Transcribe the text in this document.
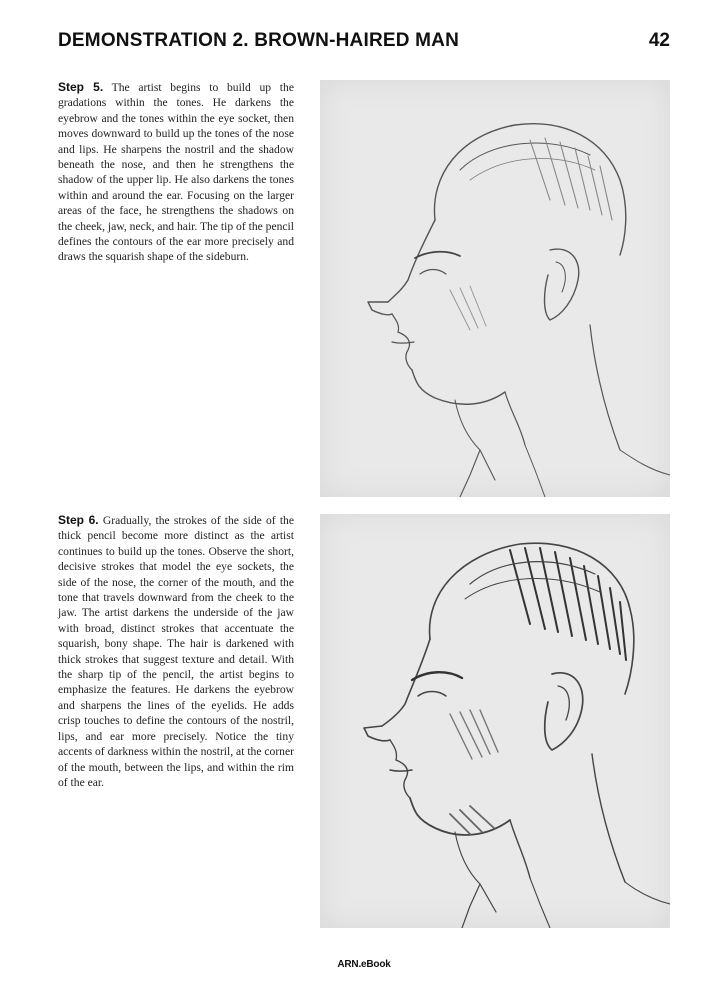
DEMONSTRATION 2. BROWN-HAIRED MAN	42
Step 5. The artist begins to build up the gradations within the tones. He darkens the eyebrow and the tones within the eye socket, then moves downward to build up the tones of the nose and lips. He sharpens the nostril and the shadow beneath the nose, and then he strengthens the shadow of the upper lip. He also darkens the tones within and around the ear. Focusing on the larger areas of the face, he strengthens the shadows on the cheek, jaw, neck, and hair. The tip of the pencil defines the contours of the ear more precisely and draws the squarish shape of the sideburn.
Step 6. Gradually, the strokes of the side of the thick pencil become more distinct as the artist continues to build up the tones. Observe the short, decisive strokes that model the eye sockets, the side of the nose, the corner of the mouth, and the tone that travels downward from the cheek to the jaw. The artist darkens the underside of the jaw with broad, distinct strokes that accentuate the squarish, bony shape. The hair is darkened with thick strokes that suggest texture and detail. With the sharp tip of the pencil, the artist begins to emphasize the features. He darkens the eyebrow and sharpens the lines of the eyelids. He adds crisp touches to define the contours of the nostril, lips, and ear more precisely. Notice the tiny accents of darkness within the nostril, at the corner of the mouth, between the lips, and within the rim of the ear.
ARN.eBook
